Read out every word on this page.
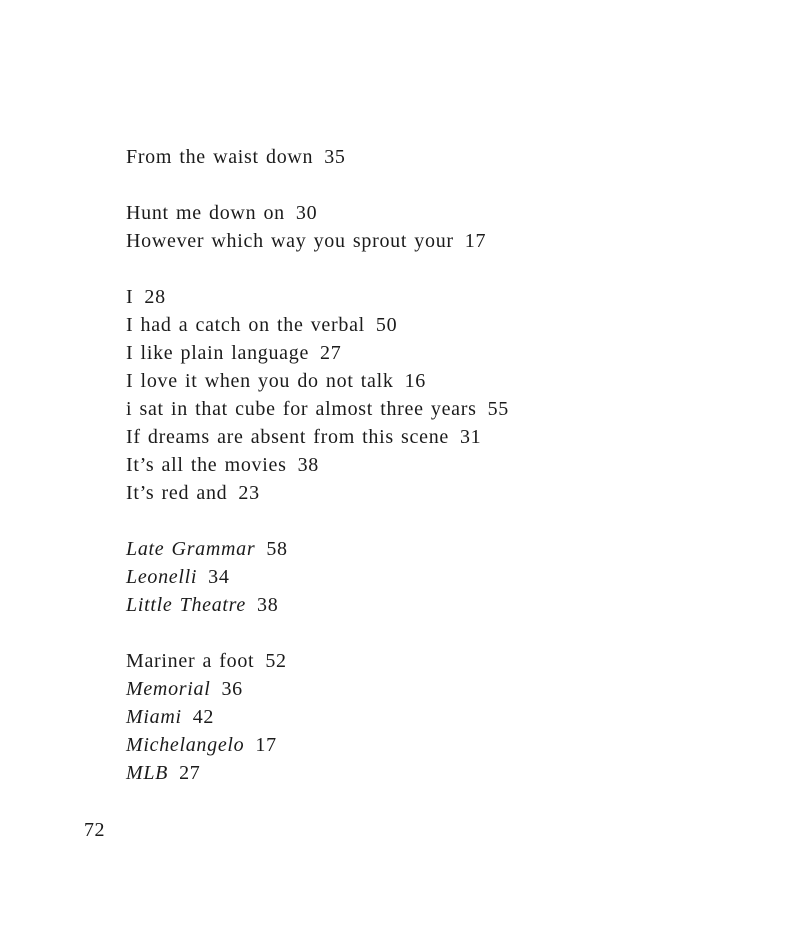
From the waist down 35
Hunt me down on 30
However which way you sprout your 17
I 28
I had a catch on the verbal 50
I like plain language 27
I love it when you do not talk 16
i sat in that cube for almost three years 55
If dreams are absent from this scene 31
It’s all the movies 38
It’s red and 23
Late Grammar 58
Leonelli 34
Little Theatre 38
Mariner a foot 52
Memorial 36
Miami 42
Michelangelo 17
MLB 27
72
